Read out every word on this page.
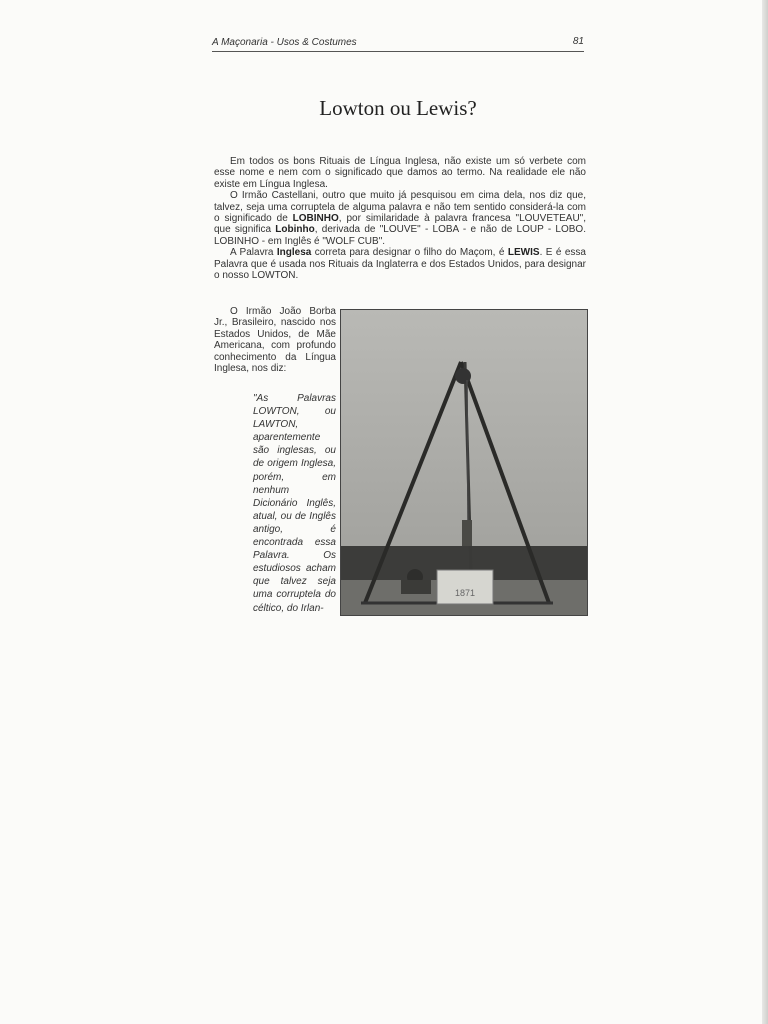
A Maçonaria - Usos & Costumes	81
Lowton ou Lewis?

Em todos os bons Rituais de Língua Inglesa, não existe um só verbete com esse nome e nem com o significado que damos ao termo. Na realidade ele não existe em Língua Inglesa.

O Irmão Castellani, outro que muito já pesquisou em cima dela, nos diz que, talvez, seja uma corruptela de alguma palavra e não tem sentido considerá-la com o significado de LOBINHO, por similaridade à palavra francesa "LOUVETEAU", que significa Lobinho, derivada de "LOUVE" - LOBA - e não de LOUP - LOBO. LOBINHO - em Inglês é "WOLF CUB".

A Palavra Inglesa correta para designar o filho do Maçom, é LEWIS. E é essa Palavra que é usada nos Rituais da Inglaterra e dos Estados Unidos, para designar o nosso LOWTON.

O Irmão João Borba Jr., Brasileiro, nascido nos Estados Unidos, de Mãe Americana, com profundo conhecimento da Língua Inglesa, nos diz:

"As Palavras LOWTON, ou LAWTON, aparentemente são inglesas, ou de origem Inglesa, porém, em nenhum Dicionário Inglês, atual, ou de Inglês antigo, é encontrada essa Palavra. Os estudiosos acham que talvez seja uma corruptela do céltico, do Irlan-
1871
